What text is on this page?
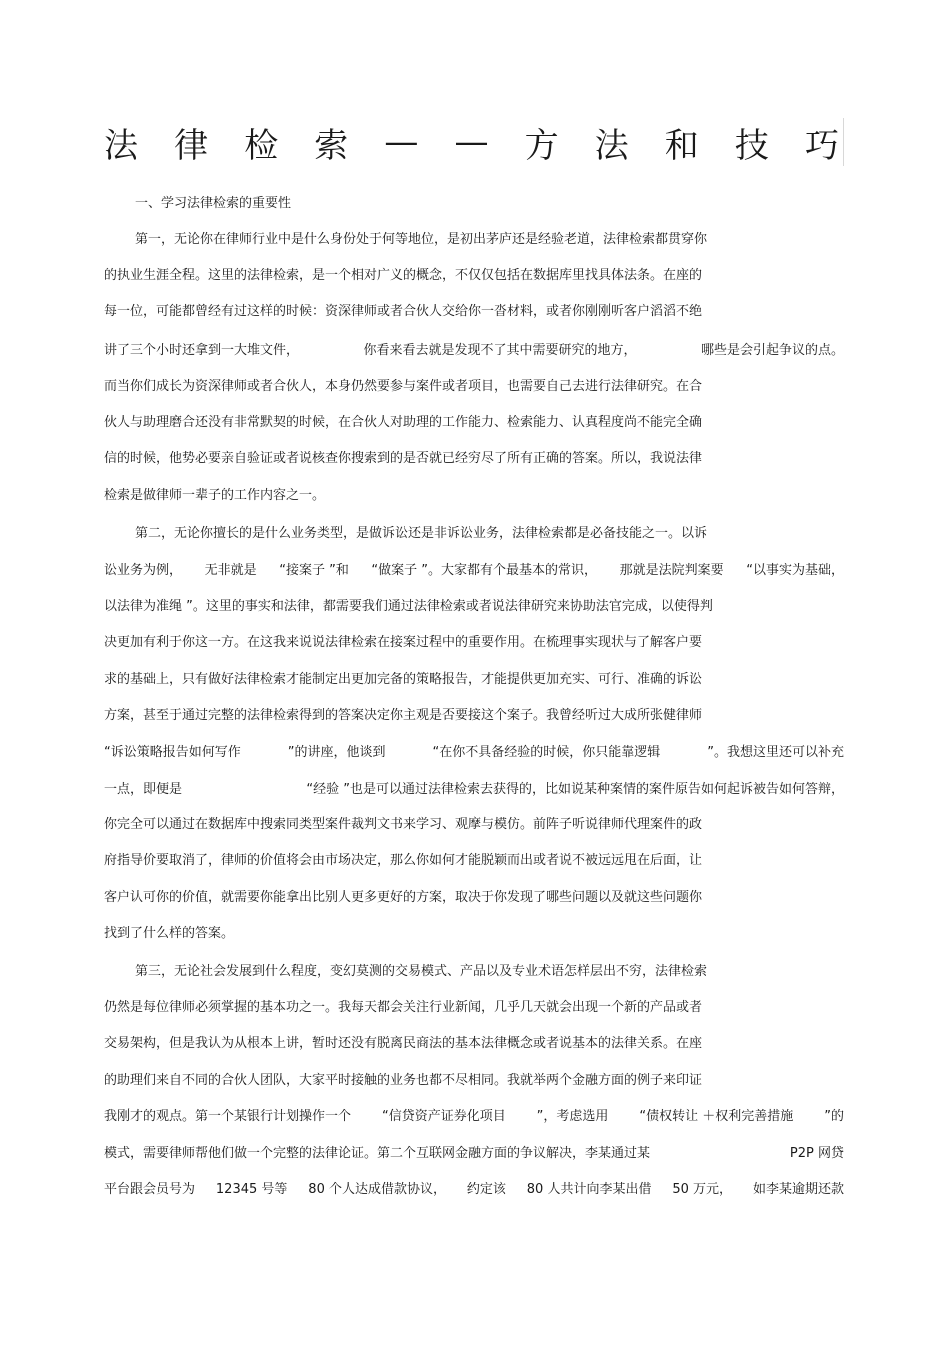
法 律 检 索 — — 方 法 和 技 巧
一、学习法律检索的重要性
第一，无论你在律师行业中是什么身份处于何等地位，是初出茅庐还是经验老道，法律检索都贯穿你
的执业生涯全程。这里的法律检索，是一个相对广义的概念，不仅仅包括在数据库里找具体法条。在座的
每一位，可能都曾经有过这样的时候：资深律师或者合伙人交给你一沓材料，或者你刚刚听客户滔滔不绝
讲了三个小时还拿到一大堆文件，	你看来看去就是发现不了其中需要研究的地方，	哪些是会引起争议的点。
而当你们成长为资深律师或者合伙人，本身仍然要参与案件或者项目，也需要自己去进行法律研究。在合
伙人与助理磨合还没有非常默契的时候，在合伙人对助理的工作能力、检索能力、认真程度尚不能完全确
信的时候，他势必要亲自验证或者说核查你搜索到的是否就已经穷尽了所有正确的答案。所以，我说法律
检索是做律师一辈子的工作内容之一。
第二，无论你擅长的是什么业务类型，是做诉讼还是非诉讼业务，法律检索都是必备技能之一。以诉
讼业务为例， 无非就是 “接案子 ”和 “做案子 ”。大家都有个最基本的常识， 那就是法院判案要 “以事实为基础，
以法律为准绳 ”。这里的事实和法律，都需要我们通过法律检索或者说法律研究来协助法官完成，以使得判
决更加有利于你这一方。在这我来说说法律检索在接案过程中的重要作用。在梳理事实现状与了解客户要
求的基础上，只有做好法律检索才能制定出更加完备的策略报告，才能提供更加充实、可行、准确的诉讼
方案，甚至于通过完整的法律检索得到的答案决定你主观是否要接这个案子。我曾经听过大成所张健律师
“诉讼策略报告如何写作	”的讲座，他谈到	“在你不具备经验的时候，你只能靠逻辑	”。我想这里还可以补充
一点，即便是	“经验 ”也是可以通过法律检索去获得的，比如说某种案情的案件原告如何起诉被告如何答辩，
你完全可以通过在数据库中搜索同类型案件裁判文书来学习、观摩与模仿。前阵子听说律师代理案件的政
府指导价要取消了，律师的价值将会由市场决定，那么你如何才能脱颖而出或者说不被远远甩在后面，让
客户认可你的价值，就需要你能拿出比别人更多更好的方案，取决于你发现了哪些问题以及就这些问题你
找到了什么样的答案。
第三，无论社会发展到什么程度，变幻莫测的交易模式、产品以及专业术语怎样层出不穷，法律检索
仍然是每位律师必须掌握的基本功之一。我每天都会关注行业新闻，几乎几天就会出现一个新的产品或者
交易架构，但是我认为从根本上讲，暂时还没有脱离民商法的基本法律概念或者说基本的法律关系。在座
的助理们来自不同的合伙人团队，大家平时接触的业务也都不尽相同。我就举两个金融方面的例子来印证
我刚才的观点。第一个某银行计划操作一个 “信贷资产证券化项目 ”，考虑选用 “债权转让 ＋权利完善措施 ”的
模式，需要律师帮他们做一个完整的法律论证。第二个互联网金融方面的争议解决，李某通过某	P2P 网贷
平台跟会员号为 12345 号等 80 个人达成借款协议， 约定该 80 人共计向李某出借 50 万元， 如李某逾期还款
